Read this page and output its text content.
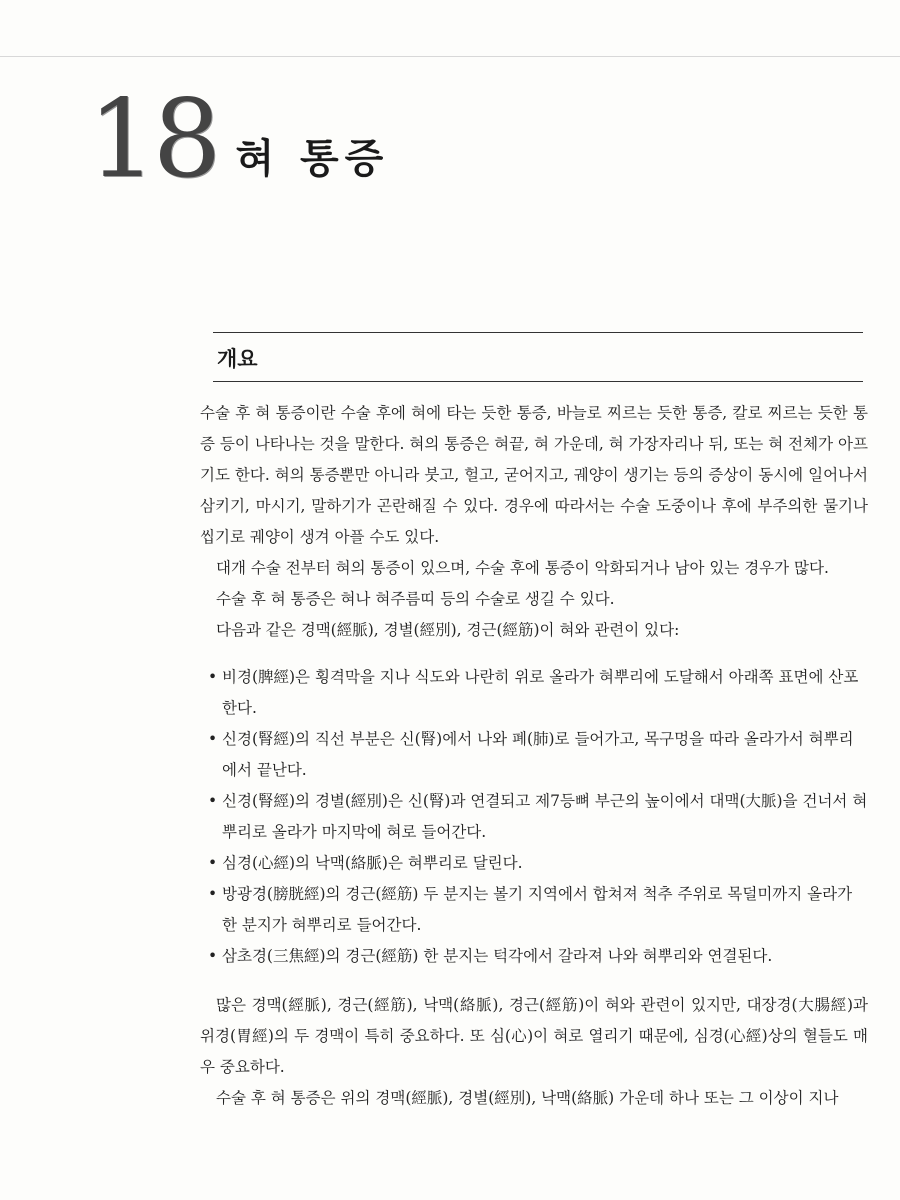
18 혀 통증
개요

수술 후 혀 통증이란 수술 후에 혀에 타는 듯한 통증, 바늘로 찌르는 듯한 통증, 칼로 찌르는 듯한 통증 등이 나타나는 것을 말한다. 혀의 통증은 혀끝, 혀 가운데, 혀 가장자리나 뒤, 또는 혀 전체가 아프기도 한다. 혀의 통증뿐만 아니라 붓고, 헐고, 굳어지고, 궤양이 생기는 등의 증상이 동시에 일어나서 삼키기, 마시기, 말하기가 곤란해질 수 있다. 경우에 따라서는 수술 도중이나 후에 부주의한 물기나 씹기로 궤양이 생겨 아플 수도 있다.

대개 수술 전부터 혀의 통증이 있으며, 수술 후에 통증이 악화되거나 남아 있는 경우가 많다.

수술 후 혀 통증은 혀나 혀주름띠 등의 수술로 생길 수 있다.

다음과 같은 경맥(經脈), 경별(經別), 경근(經筋)이 혀와 관련이 있다:

• 비경(脾經)은 횡격막을 지나 식도와 나란히 위로 올라가 혀뿌리에 도달해서 아래쪽 표면에 산포한다.
• 신경(腎經)의 직선 부분은 신(腎)에서 나와 폐(肺)로 들어가고, 목구멍을 따라 올라가서 혀뿌리에서 끝난다.
• 신경(腎經)의 경별(經別)은 신(腎)과 연결되고 제7등뼈 부근의 높이에서 대맥(大脈)을 건너서 혀뿌리로 올라가 마지막에 혀로 들어간다.
• 심경(心經)의 낙맥(絡脈)은 혀뿌리로 달린다.
• 방광경(膀胱經)의 경근(經筋) 두 분지는 볼기 지역에서 합쳐져 척추 주위로 목덜미까지 올라가 한 분지가 혀뿌리로 들어간다.
• 삼초경(三焦經)의 경근(經筋) 한 분지는 턱각에서 갈라져 나와 혀뿌리와 연결된다.

많은 경맥(經脈), 경근(經筋), 낙맥(絡脈), 경근(經筋)이 혀와 관련이 있지만, 대장경(大腸經)과 위경(胃經)의 두 경맥이 특히 중요하다. 또 심(心)이 혀로 열리기 때문에, 심경(心經)상의 혈들도 매우 중요하다.

수술 후 혀 통증은 위의 경맥(經脈), 경별(經別), 낙맥(絡脈) 가운데 하나 또는 그 이상이 지나
